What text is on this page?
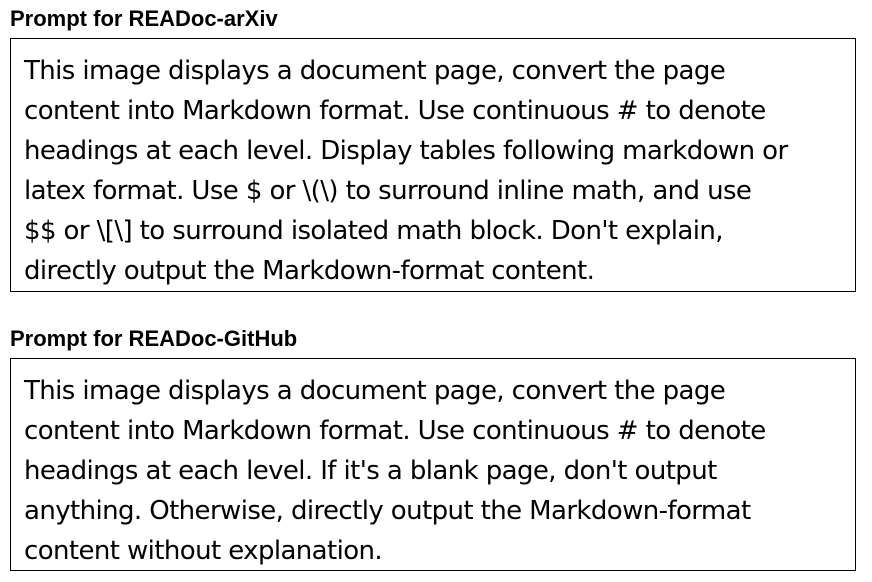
Prompt for READoc-arXiv
This image displays a document page, convert the page
content into Markdown format. Use continuous # to denote
headings at each level. Display tables following markdown or
latex format. Use $ or \(\) to surround inline math, and use
$$ or \[\] to surround isolated math block. Don't explain,
directly output the Markdown-format content.
Prompt for READoc-GitHub
This image displays a document page, convert the page
content into Markdown format. Use continuous # to denote
headings at each level. If it's a blank page, don't output
anything. Otherwise, directly output the Markdown-format
content without explanation.
